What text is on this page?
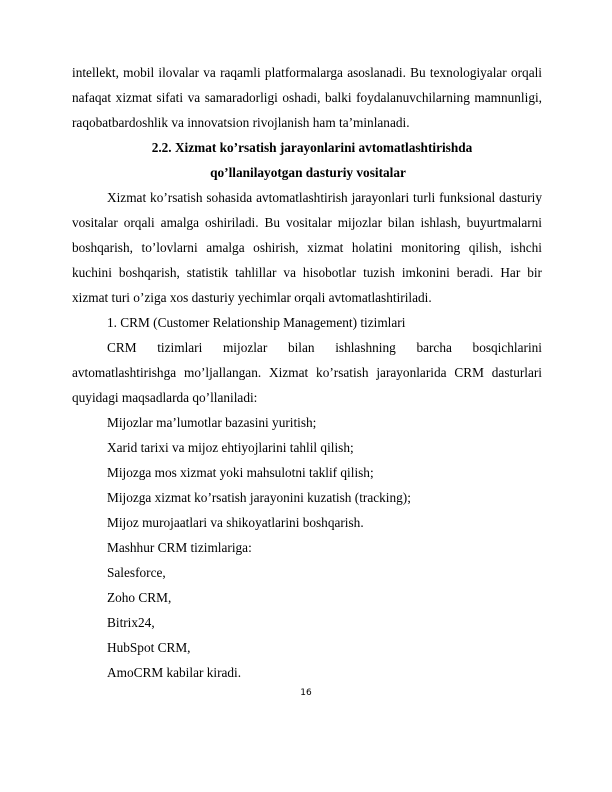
intellekt, mobil ilovalar va raqamli platformalarga asoslanadi. Bu texnologiyalar orqali nafaqat xizmat sifati va samaradorligi oshadi, balki foydalanuvchilarning mamnunligi, raqobatbardoshlik va innovatsion rivojlanish ham ta’minlanadi.

2.2. Xizmat ko’rsatish jarayonlarini avtomatlashtirishda
qo’llanilayotgan dasturiy vositalar

Xizmat ko’rsatish sohasida avtomatlashtirish jarayonlari turli funksional dasturiy vositalar orqali amalga oshiriladi. Bu vositalar mijozlar bilan ishlash, buyurtmalarni boshqarish, to’lovlarni amalga oshirish, xizmat holatini monitoring qilish, ishchi kuchini boshqarish, statistik tahlillar va hisobotlar tuzish imkonini beradi. Har bir xizmat turi o’ziga xos dasturiy yechimlar orqali avtomatlashtiriladi.

1. CRM (Customer Relationship Management) tizimlari

CRM tizimlari mijozlar bilan ishlashning barcha bosqichlarini
avtomatlashtirishga mo’ljallangan. Xizmat ko’rsatish jarayonlarida CRM dasturlari quyidagi maqsadlarda qo’llaniladi:

Mijozlar ma’lumotlar bazasini yuritish;

Xarid tarixi va mijoz ehtiyojlarini tahlil qilish;

Mijozga mos xizmat yoki mahsulotni taklif qilish;

Mijozga xizmat ko’rsatish jarayonini kuzatish (tracking);

Mijoz murojaatlari va shikoyatlarini boshqarish.

Mashhur CRM tizimlariga:

Salesforce,

Zoho CRM,

Bitrix24,

HubSpot CRM,

AmoCRM kabilar kiradi.

16
